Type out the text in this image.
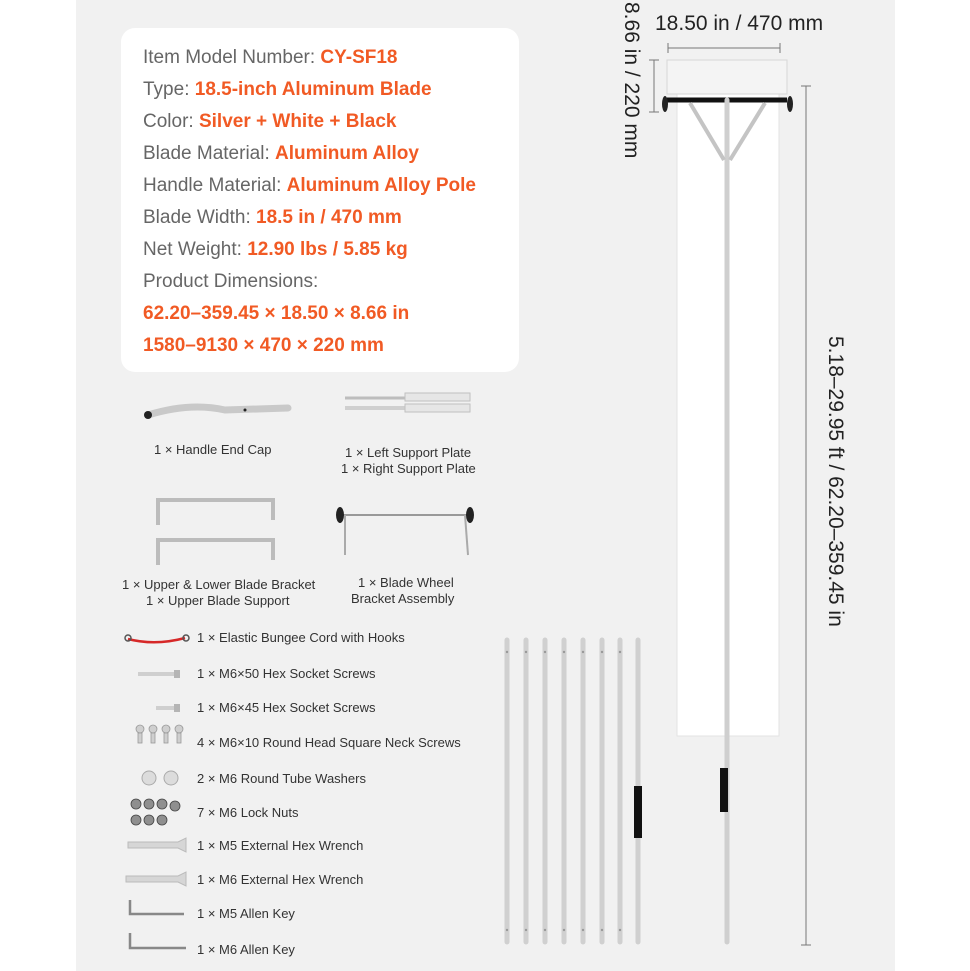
Item Model Number: CY-SF18
Type: 18.5-inch Aluminum Blade
Color: Silver + White + Black
Blade Material: Aluminum Alloy
Handle Material: Aluminum Alloy Pole
Blade Width: 18.5 in / 470 mm
Net Weight: 12.90 lbs / 5.85 kg
Product Dimensions:
62.20–359.45 × 18.50 × 8.66 in
1580–9130 × 470 × 220 mm
1 × Handle End Cap	1 × Left Support Plate
1 × Right Support Plate
1 × Upper & Lower Blade Bracket
1 × Upper Blade Support
1 × Blade Wheel
Bracket Assembly
1 × Elastic Bungee Cord with Hooks
1 × M6×50 Hex Socket Screws
1 × M6×45 Hex Socket Screws
4 × M6×10 Round Head Square Neck Screws
2 × M6 Round Tube Washers
7 × M6 Lock Nuts
1 × M5 External Hex Wrench
1 × M6 External Hex Wrench
1 × M5 Allen Key
1 × M6 Allen Key
18.50 in / 470 mm
8.66 in / 220 mm
5.18–29.95 ft / 62.20–359.45 in
